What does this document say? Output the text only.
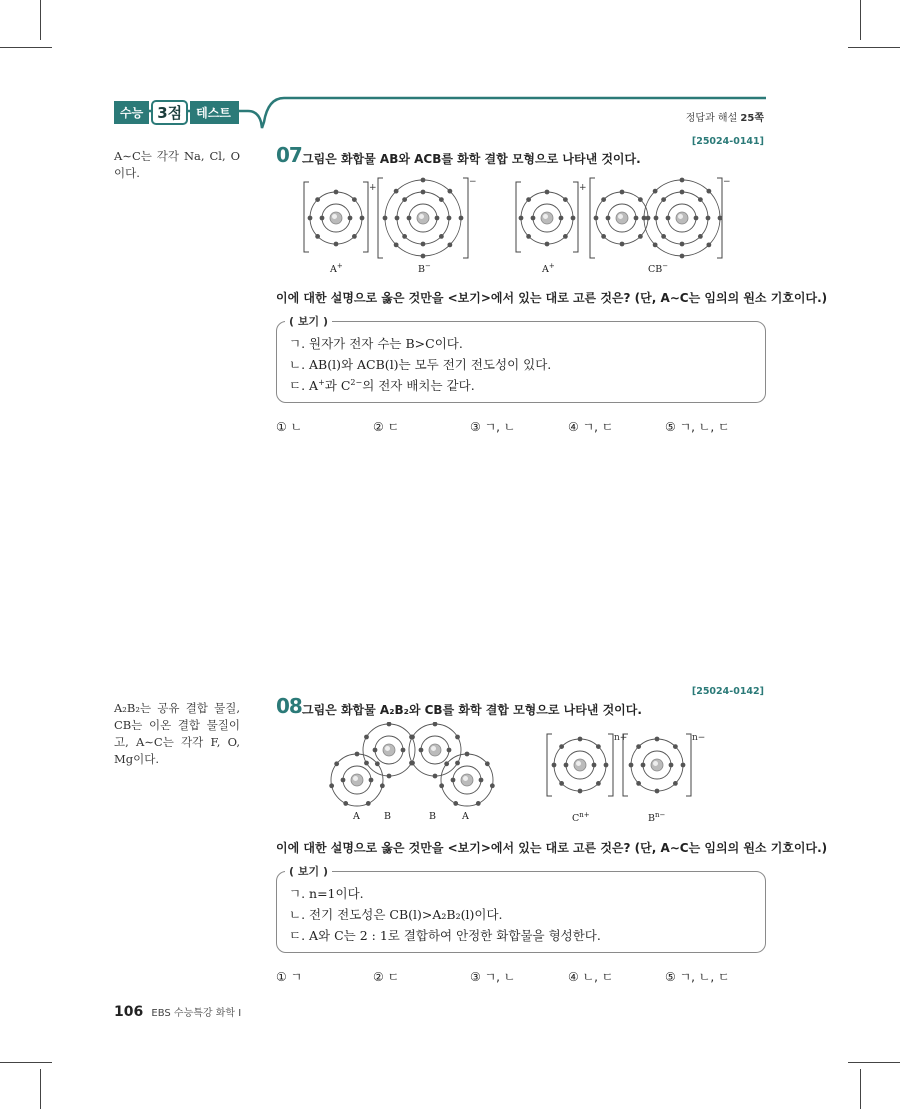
수능 3점	테스트	정답과 해설 25쪽
A∼C는 각각 Na, Cl, O 이다.
[25024-0141]
07 그림은 화합물 AB와 ACB를 화학 결합 모형으로 나타낸 것이다.
+
−
+
−
A+	B−	A+	CB−
이에 대한 설명으로 옳은 것만을 <보기>에서 있는 대로 고른 것은? (단, A∼C는 임의의 원소 기호이다.)
( 보기 )
ㄱ. 원자가 전자 수는 B>C이다.
ㄴ. AB(l)와 ACB(l)는 모두 전기 전도성이 있다.
ㄷ. A+과 $C^{2-}$의 전자 배치는 같다.
① ㄴ	② ㄷ	③ ㄱ, ㄴ	④ ㄱ, ㄷ	⑤ ㄱ, ㄴ, ㄷ
A₂B₂는 공유 결합 물질, CB는 이온 결합 물질이고, A∼C는 각각 F, O, Mg이다.
[25024-0142]
08 그림은 화합물 A₂B₂와 CB를 화학 결합 모형으로 나타낸 것이다.
n+	n−
A	B	B	A	$C^{n+}$	$B^{n-}$
이에 대한 설명으로 옳은 것만을 <보기>에서 있는 대로 고른 것은? (단, A∼C는 임의의 원소 기호이다.)
( 보기 )
ㄱ. n=1이다.
ㄴ. 전기 전도성은 CB(l)>A₂B₂(l)이다.
ㄷ. A와 C는 2 : 1로 결합하여 안정한 화합물을 형성한다.
① ㄱ	② ㄷ	③ ㄱ, ㄴ	④ ㄴ, ㄷ	⑤ ㄱ, ㄴ, ㄷ
106 EBS 수능특강 화학 Ⅰ
